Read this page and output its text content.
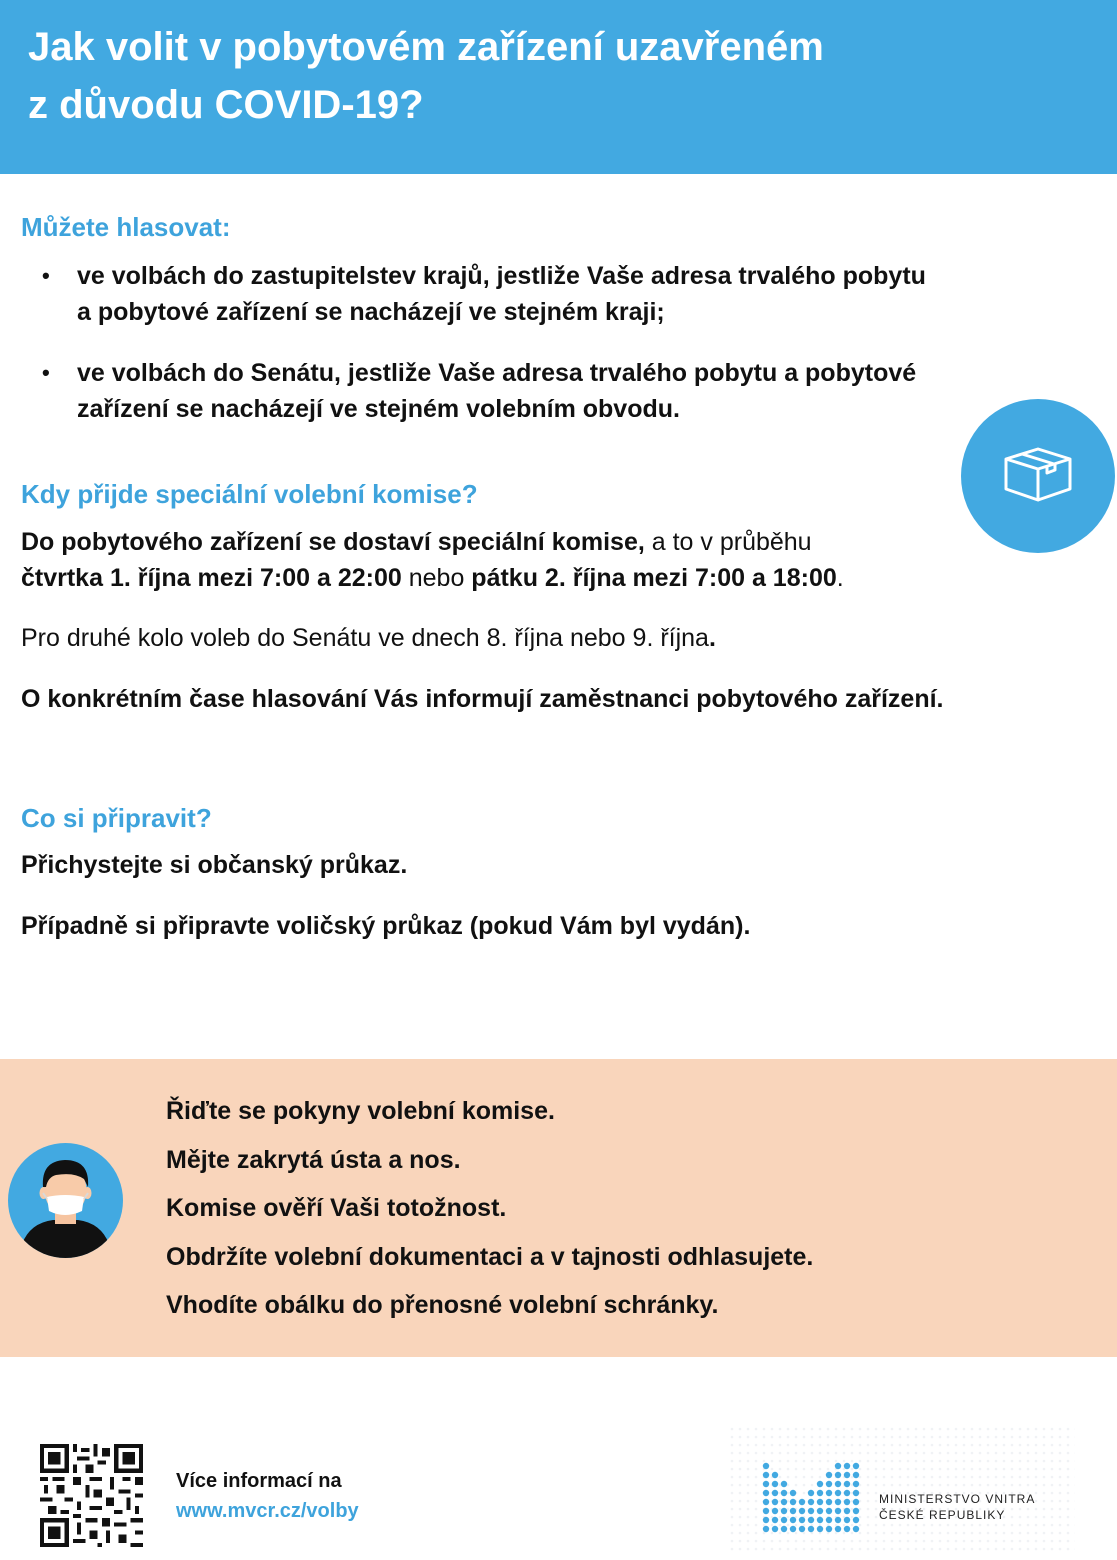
Jak volit v pobytovém zařízení uzavřeném
z důvodu COVID-19?
Můžete hlasovat:
• ve volbách do zastupitelstev krajů, jestliže Vaše adresa trvalého pobytu
a pobytové zařízení se nacházejí ve stejném kraji;
• ve volbách do Senátu, jestliže Vaše adresa trvalého pobytu a pobytové
zařízení se nacházejí ve stejném volebním obvodu.
Kdy přijde speciální volební komise?

Do pobytového zařízení se dostaví speciální komise, a to v průběhu
čtvrtka 1. října mezi 7:00 a 22:00 nebo pátku 2. října mezi 7:00 a 18:00.

Pro druhé kolo voleb do Senátu ve dnech 8. října nebo 9. října.

O konkrétním čase hlasování Vás informují zaměstnanci pobytového zařízení.

Co si připravit?

Přichystejte si občanský průkaz.

Případně si připravte voličský průkaz (pokud Vám byl vydán).

Řiďte se pokyny volební komise.
Mějte zakrytá ústa a nos.
Komise ověří Vaši totožnost.
Obdržíte volební dokumentaci a v tajnosti odhlasujete.
Vhodíte obálku do přenosné volební schránky.
Více informací na
www.mvcr.cz/volby
MINISTERSTVO VNITRA
ČESKÉ REPUBLIKY
